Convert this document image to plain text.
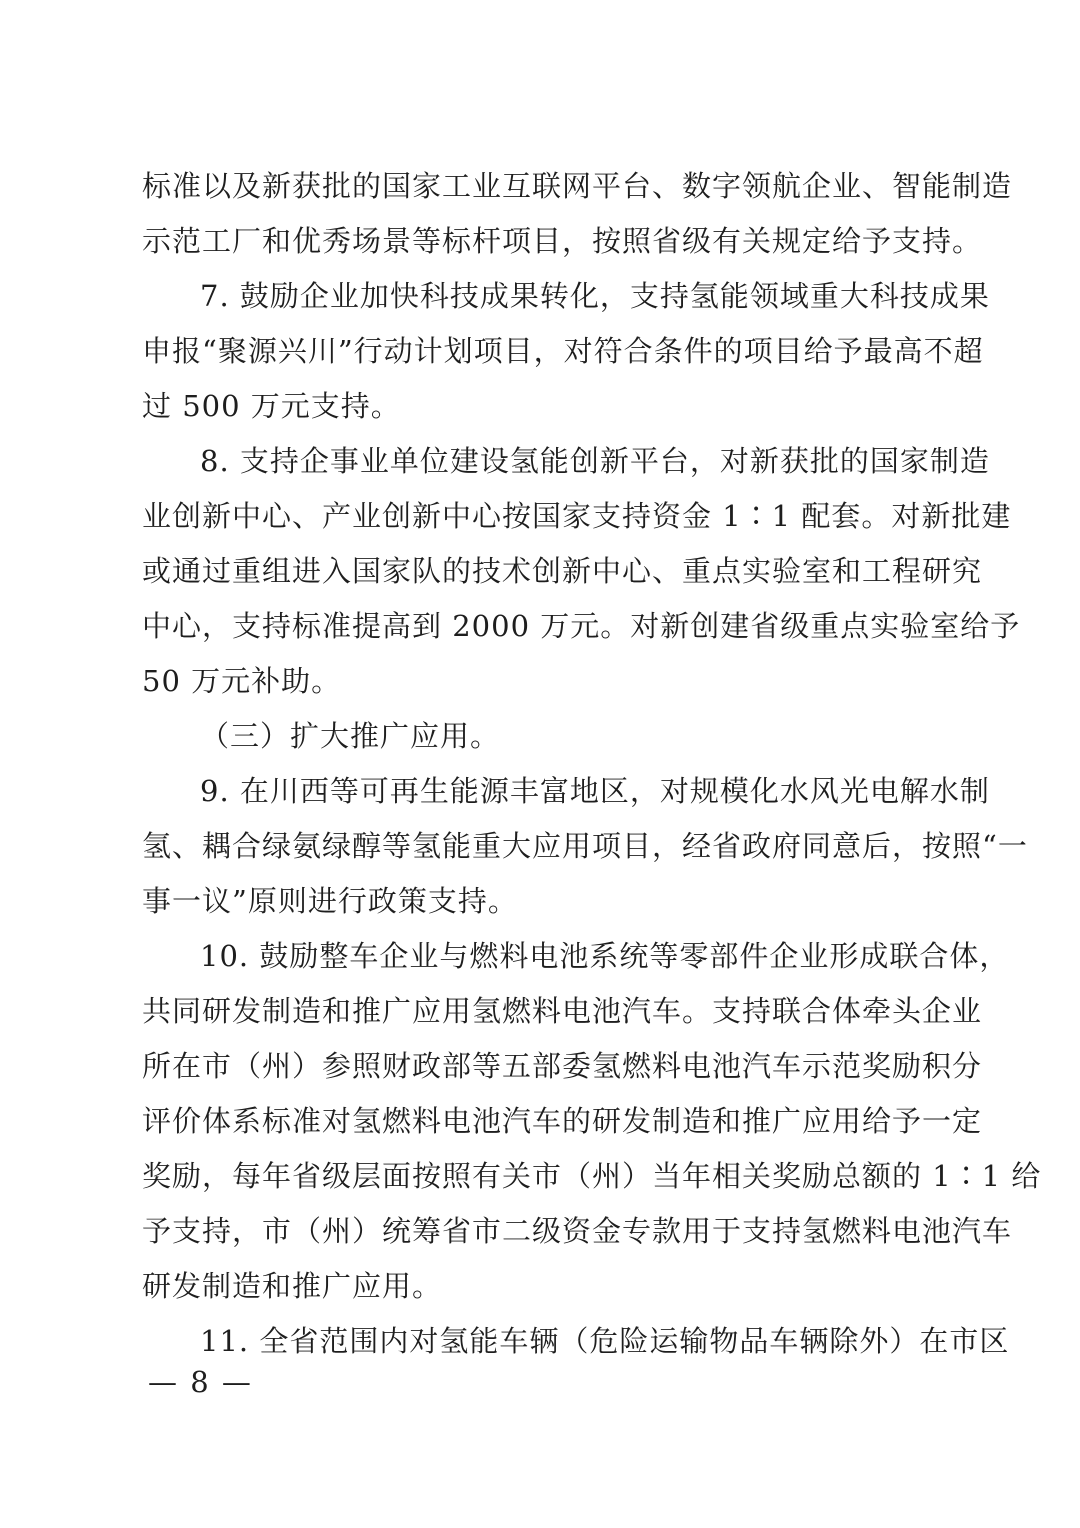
标准以及新获批的国家工业互联网平台、数字领航企业、智能制造
示范工厂和优秀场景等标杆项目，按照省级有关规定给予支持。
7. 鼓励企业加快科技成果转化，支持氢能领域重大科技成果
申报“聚源兴川”行动计划项目，对符合条件的项目给予最高不超
过 500 万元支持。
8. 支持企事业单位建设氢能创新平台，对新获批的国家制造
业创新中心、产业创新中心按国家支持资金 1∶1 配套。对新批建
或通过重组进入国家队的技术创新中心、重点实验室和工程研究
中心，支持标准提高到 2000 万元。对新创建省级重点实验室给予
50 万元补助。
（三）扩大推广应用。
9. 在川西等可再生能源丰富地区，对规模化水风光电解水制
氢、耦合绿氨绿醇等氢能重大应用项目，经省政府同意后，按照“一
事一议”原则进行政策支持。
10. 鼓励整车企业与燃料电池系统等零部件企业形成联合体，
共同研发制造和推广应用氢燃料电池汽车。支持联合体牵头企业
所在市（州）参照财政部等五部委氢燃料电池汽车示范奖励积分
评价体系标准对氢燃料电池汽车的研发制造和推广应用给予一定
奖励，每年省级层面按照有关市（州）当年相关奖励总额的 1∶1 给
予支持，市（州）统筹省市二级资金专款用于支持氢燃料电池汽车
研发制造和推广应用。
11. 全省范围内对氢能车辆（危险运输物品车辆除外）在市区
— 8 —
